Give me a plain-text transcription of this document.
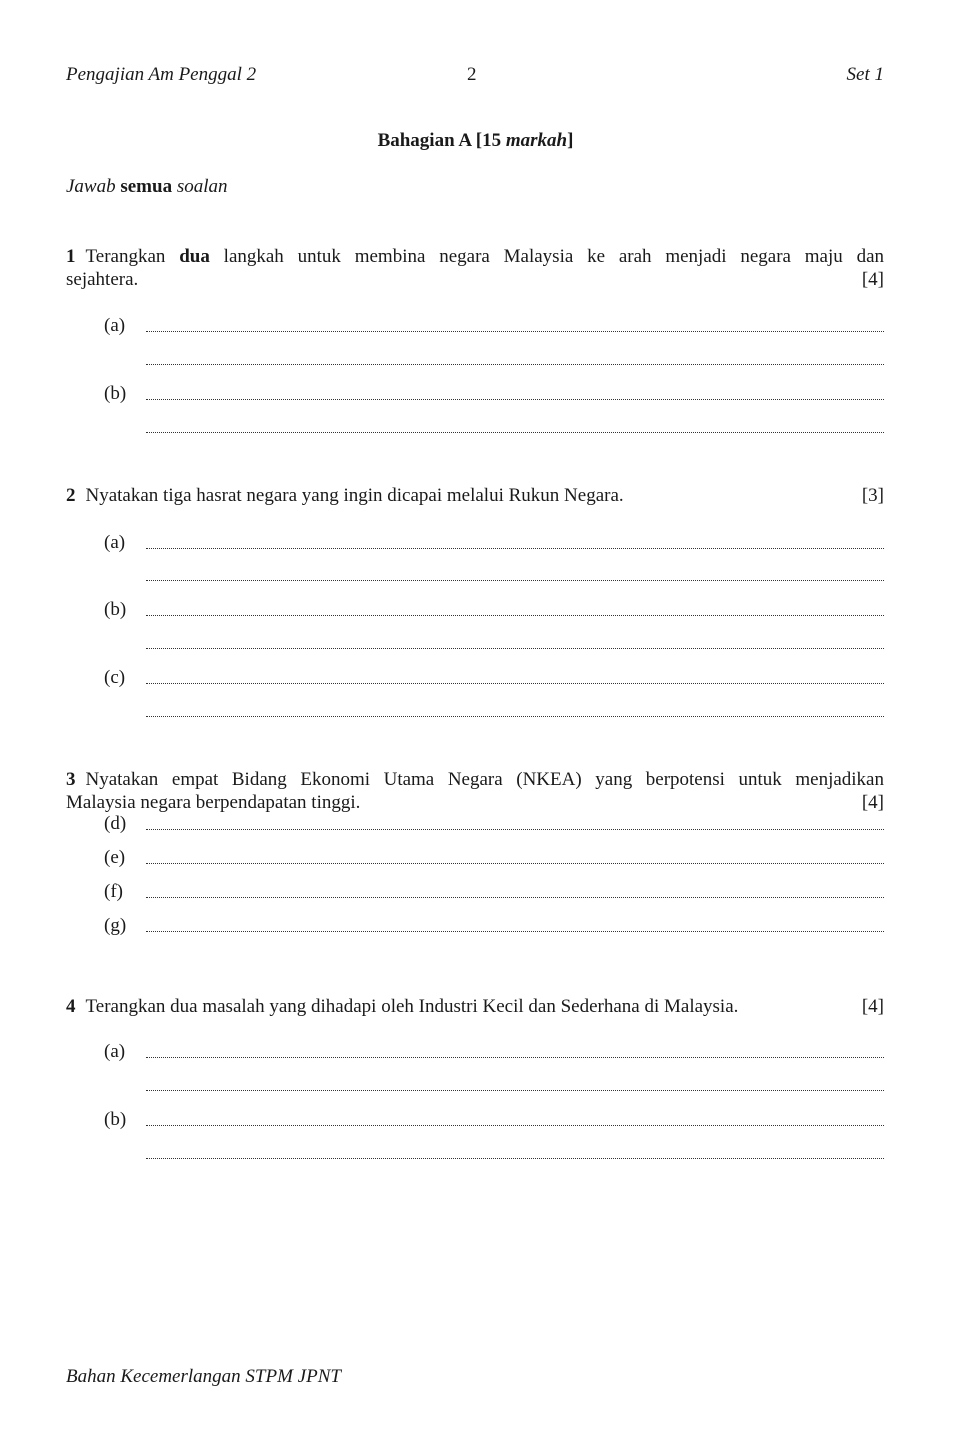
Pengajian Am Penggal 2	2	Set 1
Bahagian A [15 markah]
Jawab semua soalan
1 Terangkan dua langkah untuk membina negara Malaysia ke arah menjadi negara maju dan
sejahtera.	[4]
(a)
(b)
2 Nyatakan tiga hasrat negara yang ingin dicapai melalui Rukun Negara.	[3]
(a)
(b)
(c)
3 Nyatakan empat Bidang Ekonomi Utama Negara (NKEA) yang berpotensi untuk menjadikan
Malaysia negara berpendapatan tinggi.	[4]
(d)
(e)
(f)
(g)
4 Terangkan dua masalah yang dihadapi oleh Industri Kecil dan Sederhana di Malaysia.	[4]
(a)
(b)
Bahan Kecemerlangan STPM JPNT
